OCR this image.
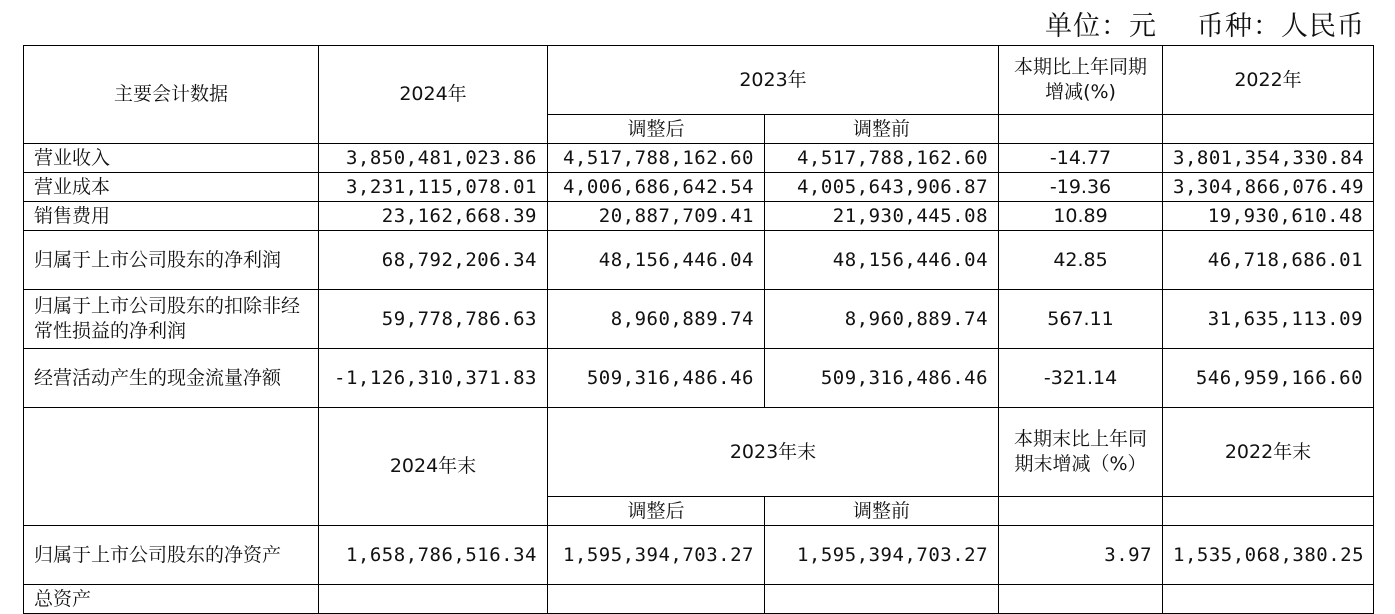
单位：元 币种：人民币
主要会计数据	2024年	2023年		本期比上年同期增减(%)	2022年
		调整后	调整前		
营业收入	3,850,481,023.86	4,517,788,162.60	4,517,788,162.60	-14.77	3,801,354,330.84
营业成本	3,231,115,078.01	4,006,686,642.54	4,005,643,906.87	-19.36	3,304,866,076.49
销售费用	23,162,668.39	20,887,709.41	21,930,445.08	10.89	19,930,610.48
归属于上市公司股东的净利润	68,792,206.34	48,156,446.04	48,156,446.04	42.85	46,718,686.01
归属于上市公司股东的扣除非经常性损益的净利润	59,778,786.63	8,960,889.74	8,960,889.74	567.11	31,635,113.09
经营活动产生的现金流量净额	-1,126,310,371.83	509,316,486.46	509,316,486.46	-321.14	546,959,166.60
	2024年末	2023年末		本期末比上年同期末增减（%）	2022年末
		调整后	调整前		
归属于上市公司股东的净资产	1,658,786,516.34	1,595,394,703.27	1,595,394,703.27	3.97	1,535,068,380.25
总资产					
